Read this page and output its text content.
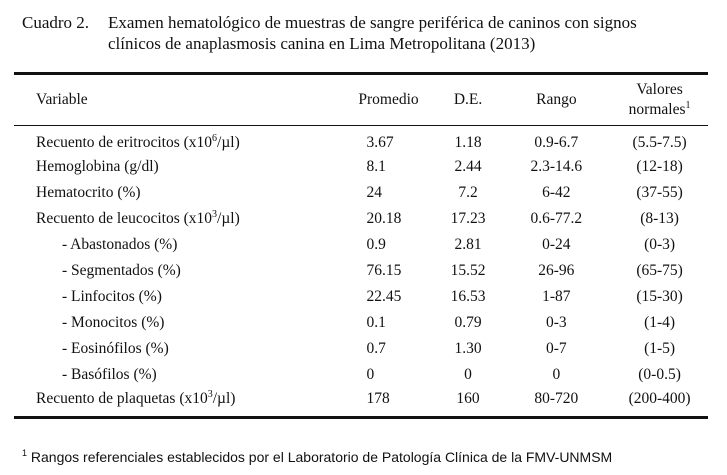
Cuadro 2. Examen hematológico de muestras de sangre periférica de caninos con signos
clínicos de anaplasmosis canina en Lima Metropolitana (2013)
Variable	Promedio	D.E.	Rango	Valores
normales$^1$
Recuento de eritrocitos $(x10^6/\mu l)$	3.67	1.18	0.9-6.7	(5.5-7.5)
Hemoglobina (g/dl)	8.1	2.44	2.3-14.6	(12-18)
Hematocrito (%)	24	7.2	6-42	(37-55)
Recuento de leucocitos $(x10^3/\mu l)$	20.18	17.23	0.6-77.2	(8-13)
- Abastonados (%)	0.9	2.81	0-24	(0-3)
- Segmentados (%)	76.15	15.52	26-96	(65-75)
- Linfocitos (%)	22.45	16.53	1-87	(15-30)
- Monocitos (%)	0.1	0.79	0-3	(1-4)
- Eosinófilos (%)	0.7	1.30	0-7	(1-5)
- Basófilos (%)	0	0	0	(0-0.5)
Recuento de plaquetas $(x10^3/\mu l)$	178	160	80-720	(200-400)
$^1$ Rangos referenciales establecidos por el Laboratorio de Patología Clínica de la FMV-UNMSM
